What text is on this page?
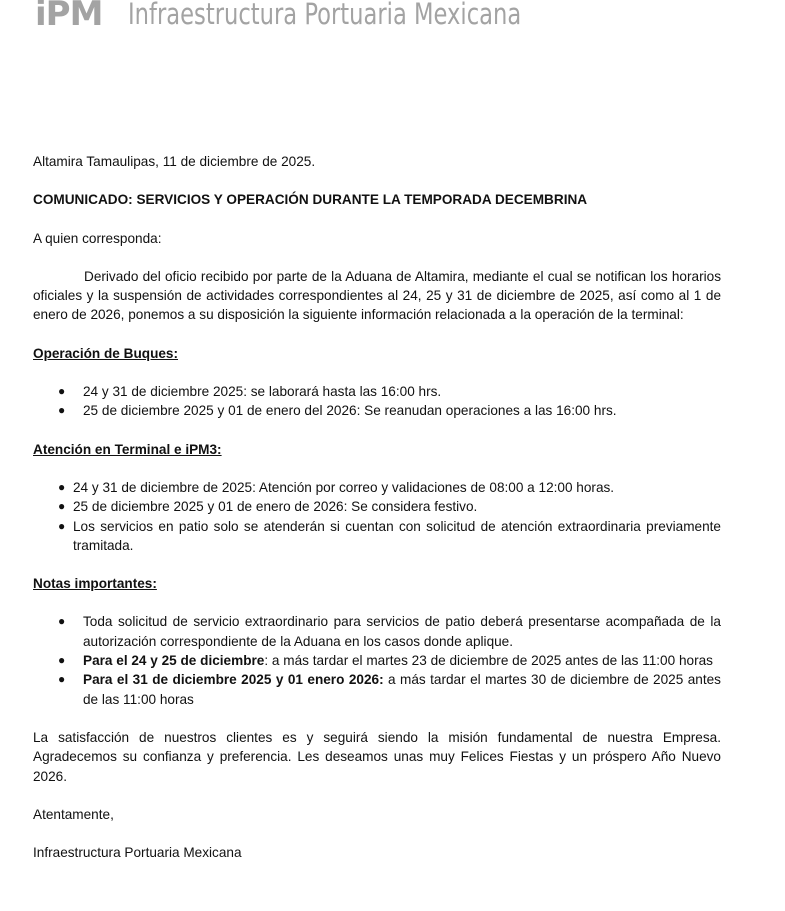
iPM Infraestructura Portuaria Mexicana

Altamira Tamaulipas, 11 de diciembre de 2025.

COMUNICADO: SERVICIOS Y OPERACIÓN DURANTE LA TEMPORADA DECEMBRINA

A quien corresponda:

Derivado del oficio recibido por parte de la Aduana de Altamira, mediante el cual se notifican los horarios oficiales y la suspensión de actividades correspondientes al 24, 25 y 31 de diciembre de 2025, así como al 1 de enero de 2026, ponemos a su disposición la siguiente información relacionada a la operación de la terminal:

Operación de Buques:

● 24 y 31 de diciembre 2025: se laborará hasta las 16:00 hrs.
● 25 de diciembre 2025 y 01 de enero del 2026: Se reanudan operaciones a las 16:00 hrs.

Atención en Terminal e iPM3:

● 24 y 31 de diciembre de 2025: Atención por correo y validaciones de 08:00 a 12:00 horas.
● 25 de diciembre 2025 y 01 de enero de 2026: Se considera festivo.
● Los servicios en patio solo se atenderán si cuentan con solicitud de atención extraordinaria previamente tramitada.

Notas importantes:

● Toda solicitud de servicio extraordinario para servicios de patio deberá presentarse acompañada de la autorización correspondiente de la Aduana en los casos donde aplique.
● Para el 24 y 25 de diciembre: a más tardar el martes 23 de diciembre de 2025 antes de las 11:00 horas
● Para el 31 de diciembre 2025 y 01 enero 2026: a más tardar el martes 30 de diciembre de 2025 antes de las 11:00 horas

La satisfacción de nuestros clientes es y seguirá siendo la misión fundamental de nuestra Empresa. Agradecemos su confianza y preferencia. Les deseamos unas muy Felices Fiestas y un próspero Año Nuevo 2026.

Atentamente,

Infraestructura Portuaria Mexicana
